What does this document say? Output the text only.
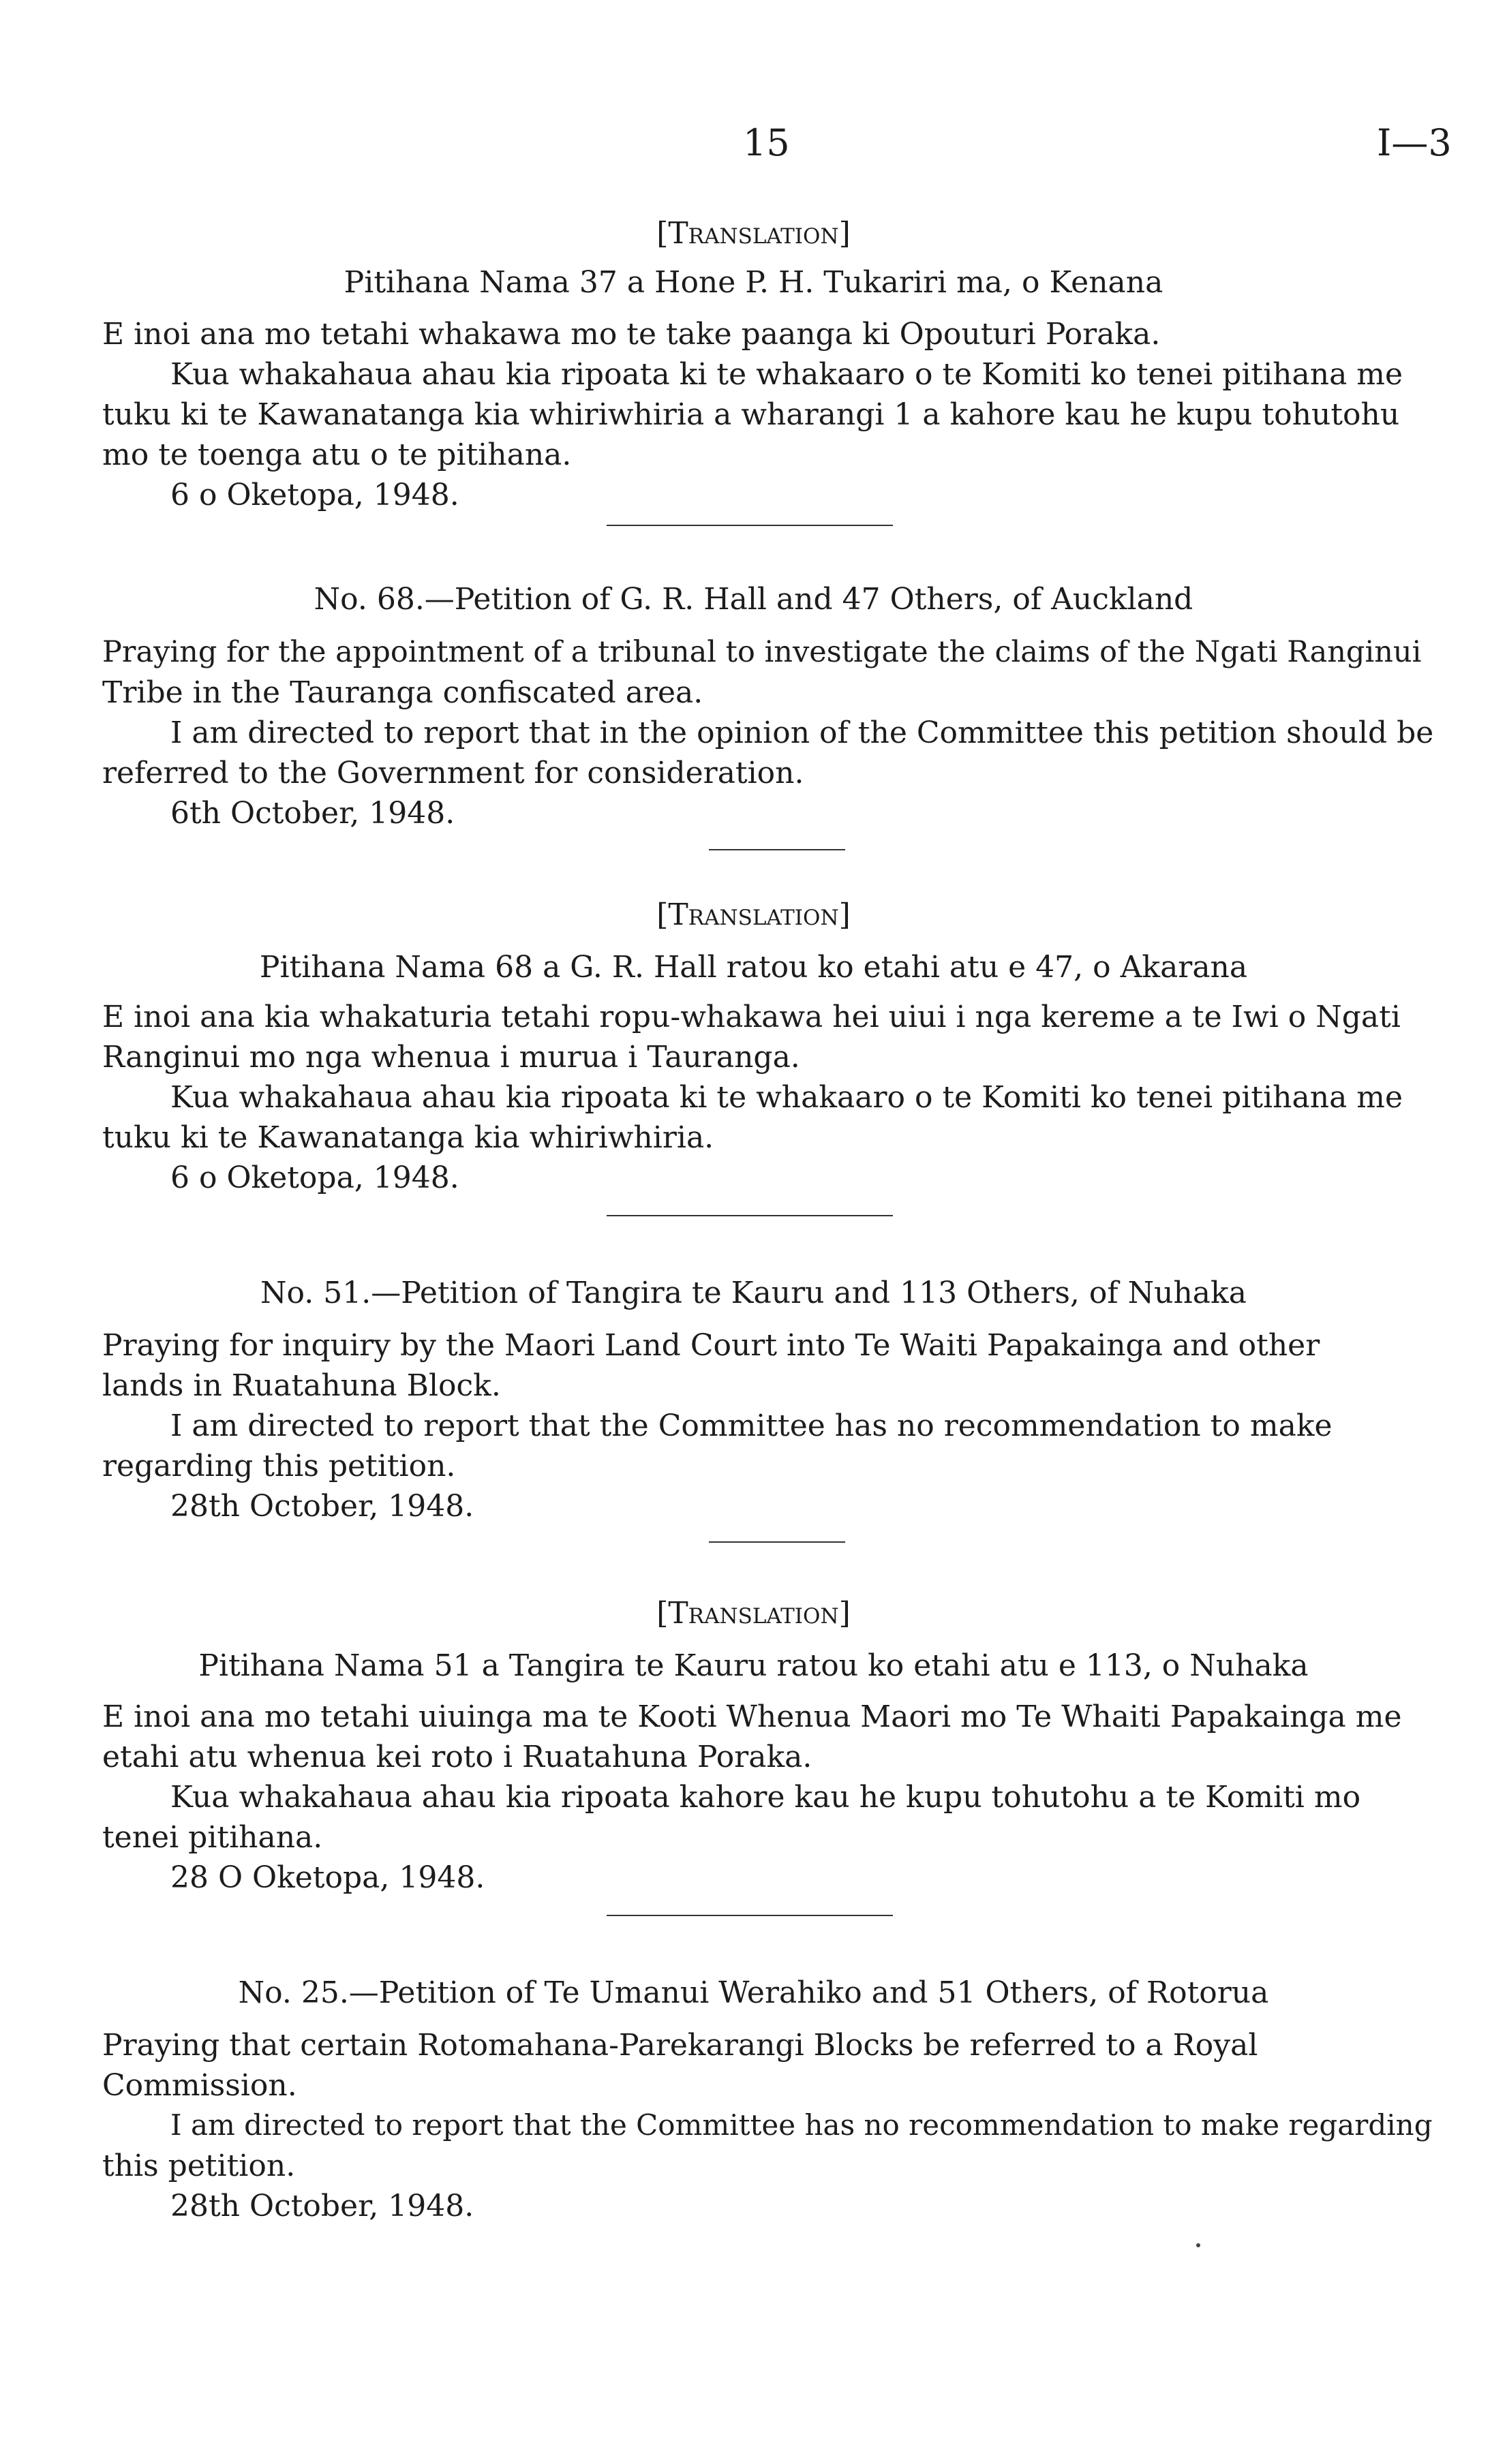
15	I—3
[Translation]
Pitihana Nama 37 a Hone P. H. Tukariri ma, o Kenana
E inoi ana mo tetahi whakawa mo te take paanga ki Opouturi Poraka.
Kua whakahaua ahau kia ripoata ki te whakaaro o te Komiti ko tenei pitihana me
tuku ki te Kawanatanga kia whiriwhiria a wharangi 1 a kahore kau he kupu tohutohu
mo te toenga atu o te pitihana.
6 o Oketopa, 1948.
No. 68.—Petition of G. R. Hall and 47 Others, of Auckland
Praying for the appointment of a tribunal to investigate the claims of the Ngati Ranginui
Tribe in the Tauranga confiscated area.
I am directed to report that in the opinion of the Committee this petition should be
referred to the Government for consideration.
6th October, 1948.
[Translation]
Pitihana Nama 68 a G. R. Hall ratou ko etahi atu e 47, o Akarana
E inoi ana kia whakaturia tetahi ropu-whakawa hei uiui i nga kereme a te Iwi o Ngati
Ranginui mo nga whenua i murua i Tauranga.
Kua whakahaua ahau kia ripoata ki te whakaaro o te Komiti ko tenei pitihana me
tuku ki te Kawanatanga kia whiriwhiria.
6 o Oketopa, 1948.
No. 51.—Petition of Tangira te Kauru and 113 Others, of Nuhaka
Praying for inquiry by the Maori Land Court into Te Waiti Papakainga and other
lands in Ruatahuna Block.
I am directed to report that the Committee has no recommendation to make
regarding this petition.
28th October, 1948.
[Translation]
Pitihana Nama 51 a Tangira te Kauru ratou ko etahi atu e 113, o Nuhaka
E inoi ana mo tetahi uiuinga ma te Kooti Whenua Maori mo Te Whaiti Papakainga me
etahi atu whenua kei roto i Ruatahuna Poraka.
Kua whakahaua ahau kia ripoata kahore kau he kupu tohutohu a te Komiti mo
tenei pitihana.
28 O Oketopa, 1948.
No. 25.—Petition of Te Umanui Werahiko and 51 Others, of Rotorua
Praying that certain Rotomahana-Parekarangi Blocks be referred to a Royal
Commission.
I am directed to report that the Committee has no recommendation to make regarding
this petition.
28th October, 1948.
